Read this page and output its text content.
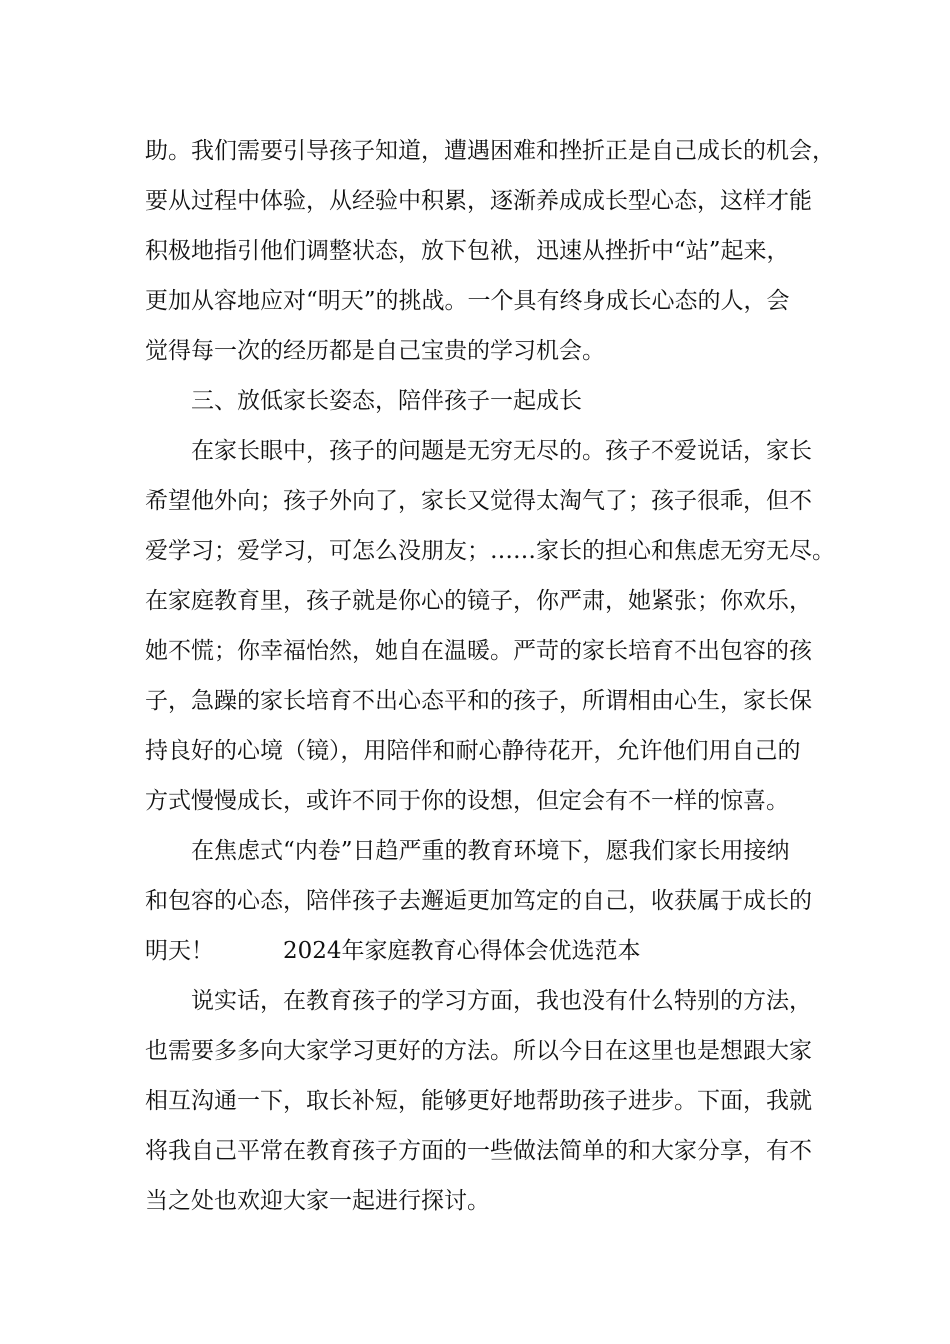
助。我们需要引导孩子知道，遭遇困难和挫折正是自己成长的机会，
要从过程中体验，从经验中积累，逐渐养成成长型心态，这样才能
积极地指引他们调整状态，放下包袱，迅速从挫折中“站”起来，
更加从容地应对“明天”的挑战。一个具有终身成长心态的人，会
觉得每一次的经历都是自己宝贵的学习机会。
　　三、放低家长姿态，陪伴孩子一起成长
　　在家长眼中，孩子的问题是无穷无尽的。孩子不爱说话，家长
希望他外向；孩子外向了，家长又觉得太淘气了；孩子很乖，但不
爱学习；爱学习，可怎么没朋友；……家长的担心和焦虑无穷无尽。
在家庭教育里，孩子就是你心的镜子，你严肃，她紧张；你欢乐，
她不慌；你幸福怡然，她自在温暖。严苛的家长培育不出包容的孩
子，急躁的家长培育不出心态平和的孩子，所谓相由心生，家长保
持良好的心境（镜），用陪伴和耐心静待花开，允许他们用自己的
方式慢慢成长，或许不同于你的设想，但定会有不一样的惊喜。
　　在焦虑式“内卷”日趋严重的教育环境下，愿我们家长用接纳
和包容的心态，陪伴孩子去邂逅更加笃定的自己，收获属于成长的
明天！　　　2024年家庭教育心得体会优选范本
　　说实话，在教育孩子的学习方面，我也没有什么特别的方法，
也需要多多向大家学习更好的方法。所以今日在这里也是想跟大家
相互沟通一下，取长补短，能够更好地帮助孩子进步。下面，我就
将我自己平常在教育孩子方面的一些做法简单的和大家分享，有不
当之处也欢迎大家一起进行探讨。
